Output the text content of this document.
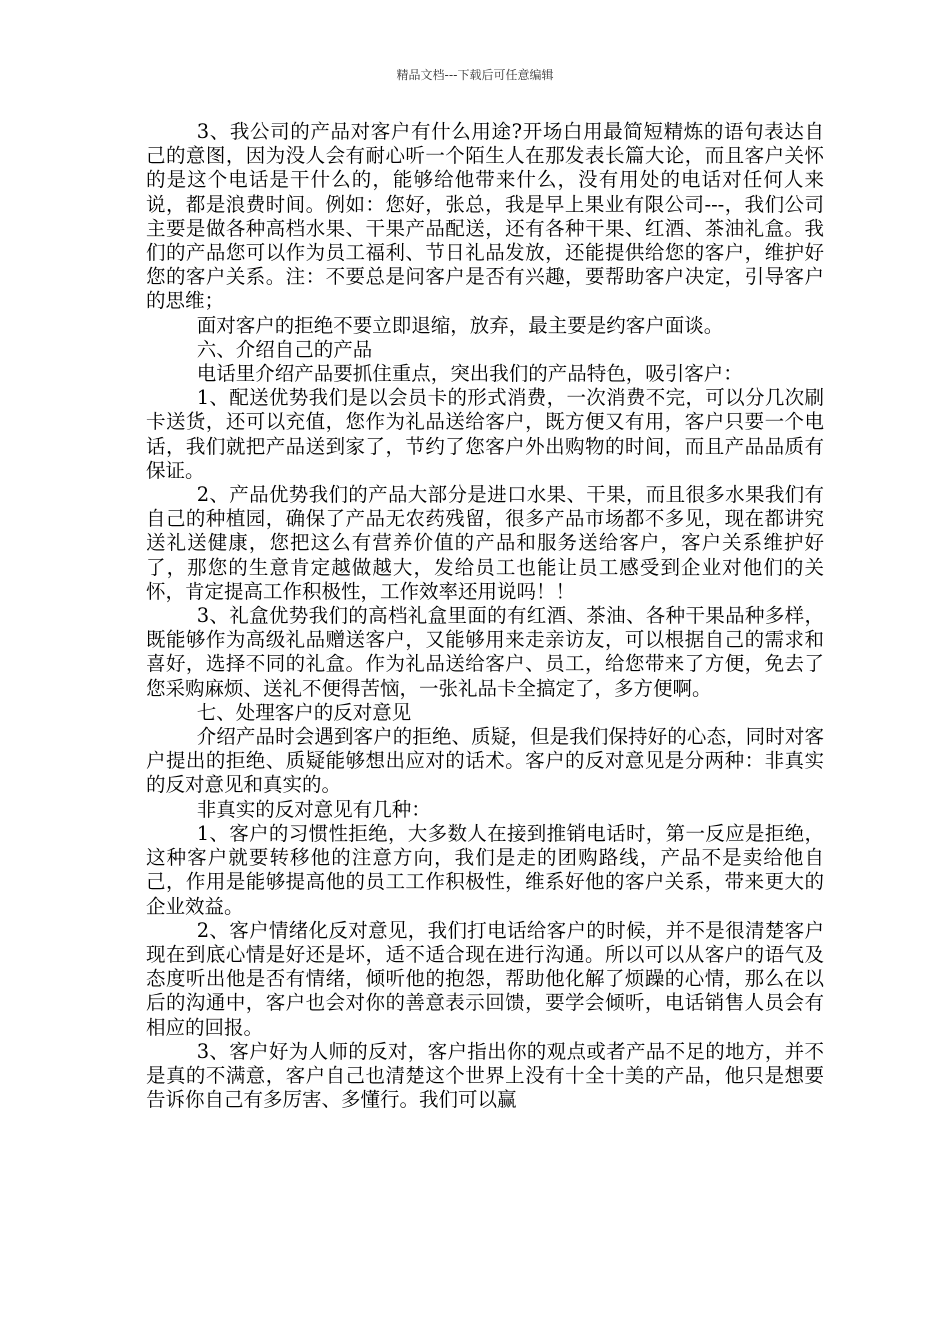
精品文档---下载后可任意编辑

3、我公司的产品对客户有什么用途?开场白用最简短精炼的语句表达自己的意图，因为没人会有耐心听一个陌生人在那发表长篇大论，而且客户关怀的是这个电话是干什么的，能够给他带来什么，没有用处的电话对任何人来说，都是浪费时间。例如：您好，张总，我是早上果业有限公司---，我们公司主要是做各种高档水果、干果产品配送，还有各种干果、红酒、茶油礼盒。我们的产品您可以作为员工福利、节日礼品发放，还能提供给您的客户，维护好您的客户关系。注：不要总是问客户是否有兴趣，要帮助客户决定，引导客户的思维；

面对客户的拒绝不要立即退缩，放弃，最主要是约客户面谈。

六、介绍自己的产品

电话里介绍产品要抓住重点，突出我们的产品特色，吸引客户：

1、配送优势我们是以会员卡的形式消费，一次消费不完，可以分几次刷卡送货，还可以充值，您作为礼品送给客户，既方便又有用，客户只要一个电话，我们就把产品送到家了，节约了您客户外出购物的时间，而且产品品质有保证。

2、产品优势我们的产品大部分是进口水果、干果，而且很多水果我们有自己的种植园，确保了产品无农药残留，很多产品市场都不多见，现在都讲究送礼送健康，您把这么有营养价值的产品和服务送给客户，客户关系维护好了，那您的生意肯定越做越大，发给员工也能让员工感受到企业对他们的关怀，肯定提高工作积极性，工作效率还用说吗！！

3、礼盒优势我们的高档礼盒里面的有红酒、茶油、各种干果品种多样，既能够作为高级礼品赠送客户，又能够用来走亲访友，可以根据自己的需求和喜好，选择不同的礼盒。作为礼品送给客户、员工，给您带来了方便，免去了您采购麻烦、送礼不便得苦恼，一张礼品卡全搞定了，多方便啊。

七、处理客户的反对意见

介绍产品时会遇到客户的拒绝、质疑，但是我们保持好的心态，同时对客户提出的拒绝、质疑能够想出应对的话术。客户的反对意见是分两种：非真实的反对意见和真实的。

非真实的反对意见有几种：

1、客户的习惯性拒绝，大多数人在接到推销电话时，第一反应是拒绝，这种客户就要转移他的注意方向，我们是走的团购路线，产品不是卖给他自己，作用是能够提高他的员工工作积极性，维系好他的客户关系，带来更大的企业效益。

2、客户情绪化反对意见，我们打电话给客户的时候，并不是很清楚客户现在到底心情是好还是坏，适不适合现在进行沟通。所以可以从客户的语气及态度听出他是否有情绪，倾听他的抱怨，帮助他化解了烦躁的心情，那么在以后的沟通中，客户也会对你的善意表示回馈，要学会倾听，电话销售人员会有相应的回报。

3、客户好为人师的反对，客户指出你的观点或者产品不足的地方，并不是真的不满意，客户自己也清楚这个世界上没有十全十美的产品，他只是想要告诉你自己有多厉害、多懂行。我们可以赢
